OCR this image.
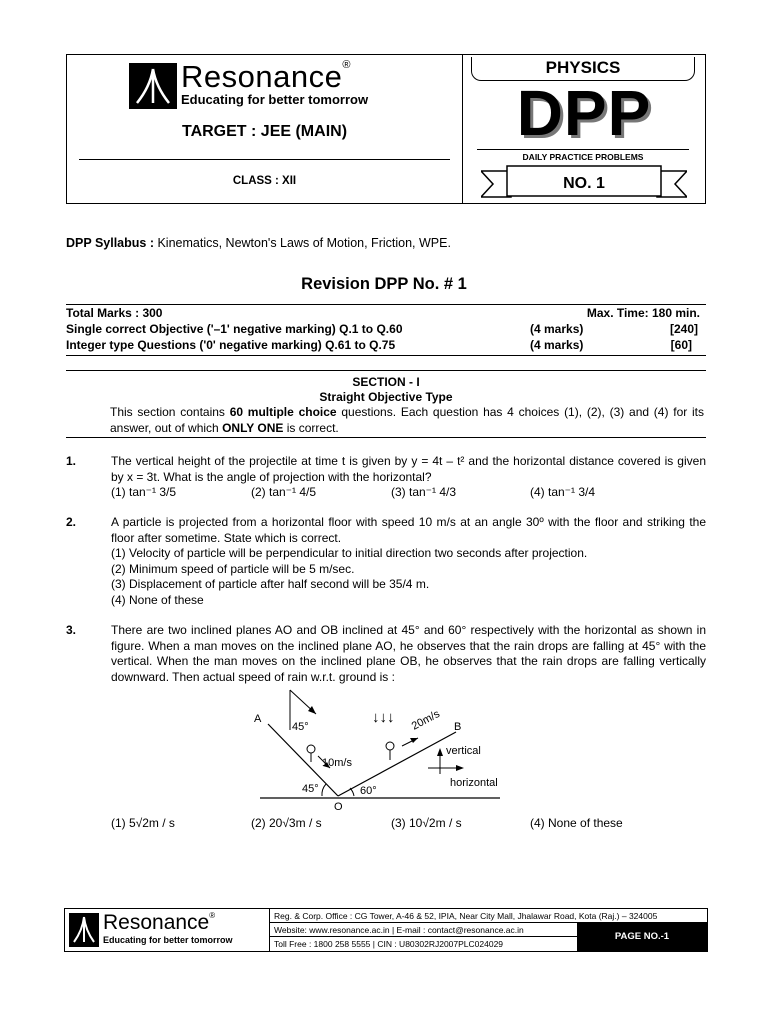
Resonance®
Educating for better tomorrow
TARGET : JEE (MAIN)
CLASS : XII
PHYSICS
DPP
DAILY PRACTICE PROBLEMS
NO. 1
DPP Syllabus : Kinematics, Newton's Laws of Motion, Friction, WPE.
Revision DPP No. # 1
Total Marks : 300	Max. Time: 180 min.
Single correct Objective ('–1' negative marking) Q.1 to Q.60	(4 marks)	[240]
Integer type Questions ('0' negative marking) Q.61 to Q.75	(4 marks)	[60]
SECTION - I
Straight Objective Type
This section contains 60 multiple choice questions. Each question has 4 choices (1), (2), (3) and (4) for its answer, out of which ONLY ONE is correct.
1.	The vertical height of the projectile at time t is given by y = 4t – t² and the horizontal distance covered is given by x = 3t. What is the angle of projection with the horizontal?
(1) tan⁻¹ 3/5	(2) tan⁻¹ 4/5	(3) tan⁻¹ 4/3	(4) tan⁻¹ 3/4
2.	A particle is projected from a horizontal floor with speed 10 m/s at an angle 30º with the floor and striking the floor after sometime. State which is correct.
(1) Velocity of particle will be perpendicular to initial direction two seconds after projection.
(2) Minimum speed of particle will be 5 m/sec.
(3) Displacement of particle after half second will be 35/4 m.
(4) None of these
3.	There are two inclined planes AO and OB inclined at 45° and 60° respectively with the horizontal as shown in figure. When a man moves on the inclined plane AO, he observes that the rain drops are falling at 45° with the vertical. When the man moves on the inclined plane OB, he observes that the rain drops are falling vertically downward. Then actual speed of rain w.r.t. ground is :
A
B
O
45°
45°	60°
10m/s
20m/s
↓↓↓
vertical
horizontal
(1) 5√2m / s	(2) 20√3m / s	(3) 10√2m / s	(4) None of these
Resonance®
Educating for better tomorrow
Reg. & Corp. Office : CG Tower, A-46 & 52, IPIA, Near City Mall, Jhalawar Road, Kota (Raj.) – 324005
Website: www.resonance.ac.in | E-mail : contact@resonance.ac.in
Toll Free : 1800 258 5555 | CIN : U80302RJ2007PLC024029
PAGE NO.-1
